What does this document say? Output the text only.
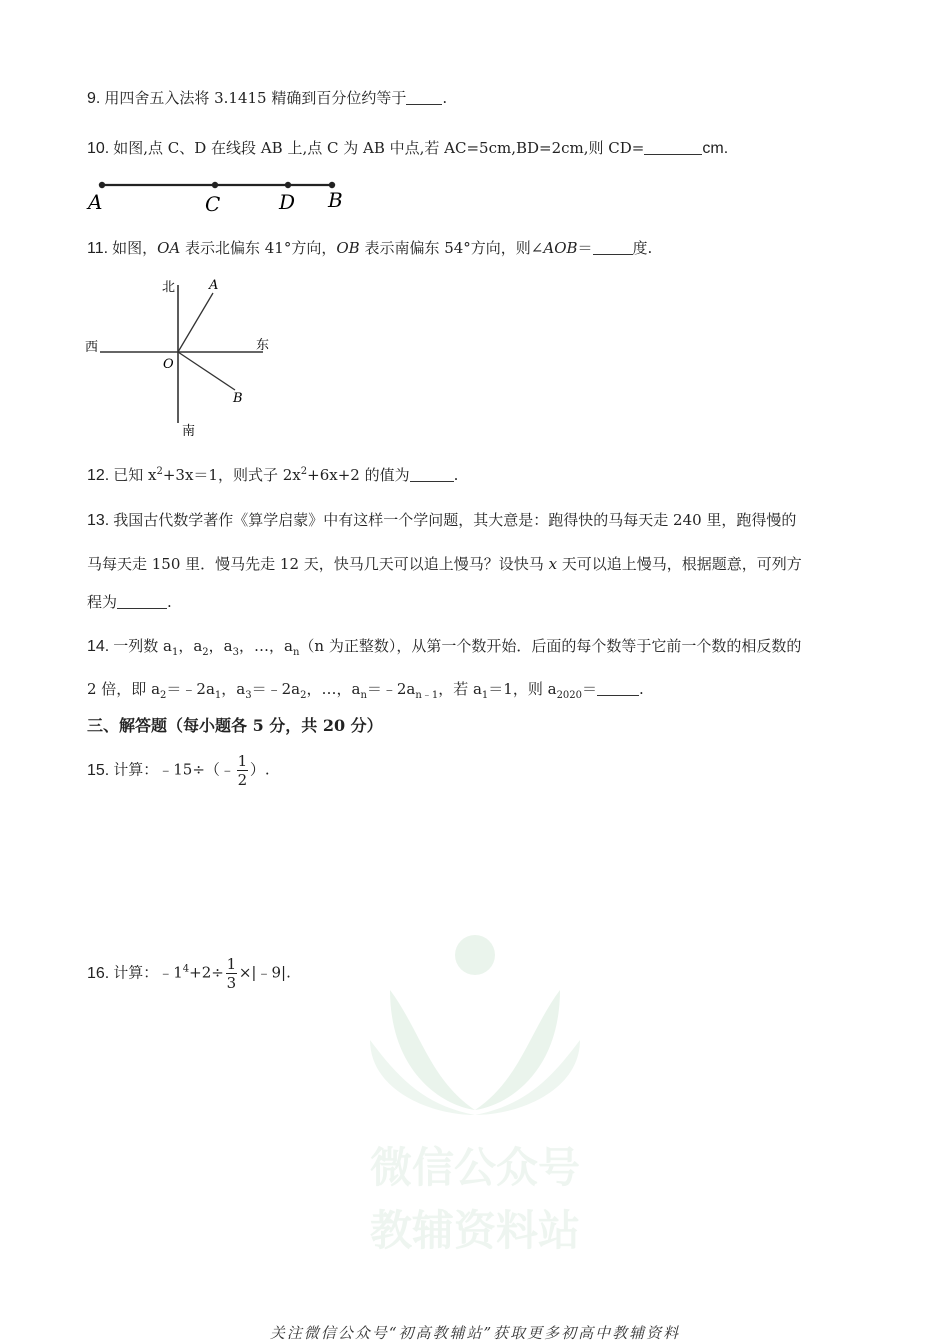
9. 用四舍五入法将 3.1415 精确到百分位约等于 .
10. 如图,点 C、D 在线段 AB 上,点 C 为 AB 中点,若 AC=5cm,BD=2cm,则 CD=	cm.
A	C	D B
11. 如图，OA 表示北偏东 41°方向，OB 表示南偏东 54°方向，则∠AOB＝	度.
北	A
西	东
O
B
南
12. 已知 $x^2+3x=1$，则式子 $2x^2+6x+2$ 的值为	.
13. 我国古代数学著作《算学启蒙》中有这样一个学问题，其大意是：跑得快的马每天走 240 里，跑得慢的
马每天走 150 里．慢马先走 12 天，快马几天可以追上慢马？设快马 x 天可以追上慢马，根据题意，可列方
程为	.
14. 一列数 $a_1$，$a_2$，$a_3$，…，$a_n(n$ 为正整数），从第一个数开始．后面的每个数等于它前一个数的相反数的
2 倍，即 $a_2=﹣2a_1$，$a_3=﹣2a_2$，…，$a_n=﹣2a_{n﹣1}$，若 $a_1=1$，则 $a_{2020}=$	.
三、解答题（每小题各 5 分，共 20 分）
15. 计算：﹣15÷（﹣ $\frac{1}{2}$ ）.
微信公众号
教辅资料站
16. 计算：$﹣1^4+2\div \frac{1}{3}$ ×|﹣9|.
关注微信公众号“初高教辅站”获取更多初高中教辅资料
